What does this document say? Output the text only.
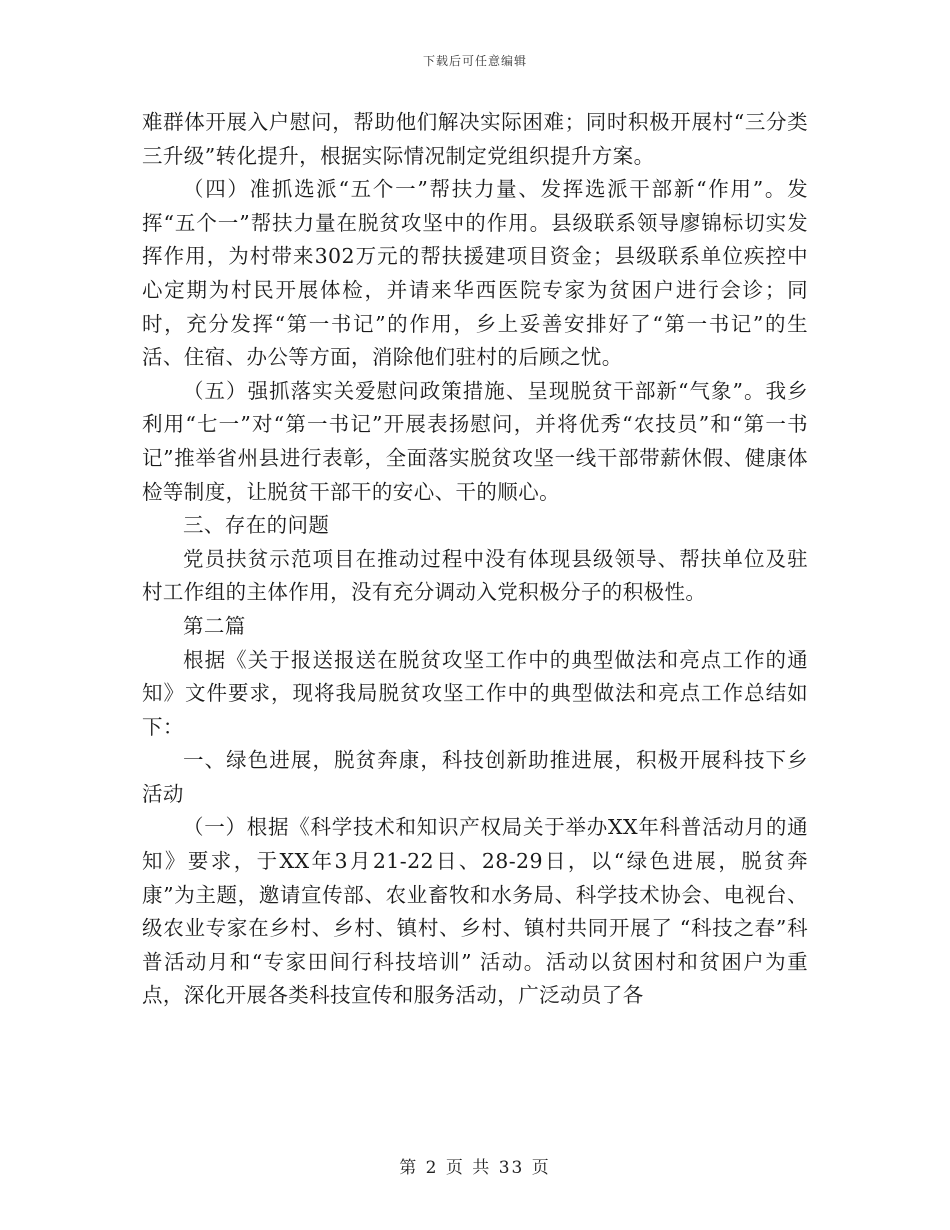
下载后可任意编辑

难群体开展入户慰问，帮助他们解决实际困难；同时积极开展村“三分类三升级”转化提升，根据实际情况制定党组织提升方案。

（四）准抓选派“五个一”帮扶力量、发挥选派干部新“作用”。发挥“五个一”帮扶力量在脱贫攻坚中的作用。县级联系领导廖锦标切实发挥作用，为村带来302万元的帮扶援建项目资金；县级联系单位疾控中心定期为村民开展体检，并请来华西医院专家为贫困户进行会诊；同时，充分发挥“第一书记”的作用，乡上妥善安排好了“第一书记”的生活、住宿、办公等方面，消除他们驻村的后顾之忧。

（五）强抓落实关爱慰问政策措施、呈现脱贫干部新“气象”。我乡利用“七一”对“第一书记”开展表扬慰问，并将优秀“农技员”和“第一书记”推举省州县进行表彰，全面落实脱贫攻坚一线干部带薪休假、健康体检等制度，让脱贫干部干的安心、干的顺心。

三、存在的问题

党员扶贫示范项目在推动过程中没有体现县级领导、帮扶单位及驻村工作组的主体作用，没有充分调动入党积极分子的积极性。

第二篇

根据《关于报送报送在脱贫攻坚工作中的典型做法和亮点工作的通知》文件要求，现将我局脱贫攻坚工作中的典型做法和亮点工作总结如下：

一、绿色进展，脱贫奔康，科技创新助推进展，积极开展科技下乡活动

（一）根据《科学技术和知识产权局关于举办XX年科普活动月的通知》要求，于XX年3月21-22日、28-29日，以“绿色进展，脱贫奔康”为主题，邀请宣传部、农业畜牧和水务局、科学技术协会、电视台、级农业专家在乡村、乡村、镇村、乡村、镇村共同开展了 “科技之春”科普活动月和“专家田间行科技培训” 活动。活动以贫困村和贫困户为重点，深化开展各类科技宣传和服务活动，广泛动员了各

第 2 页 共 33 页
